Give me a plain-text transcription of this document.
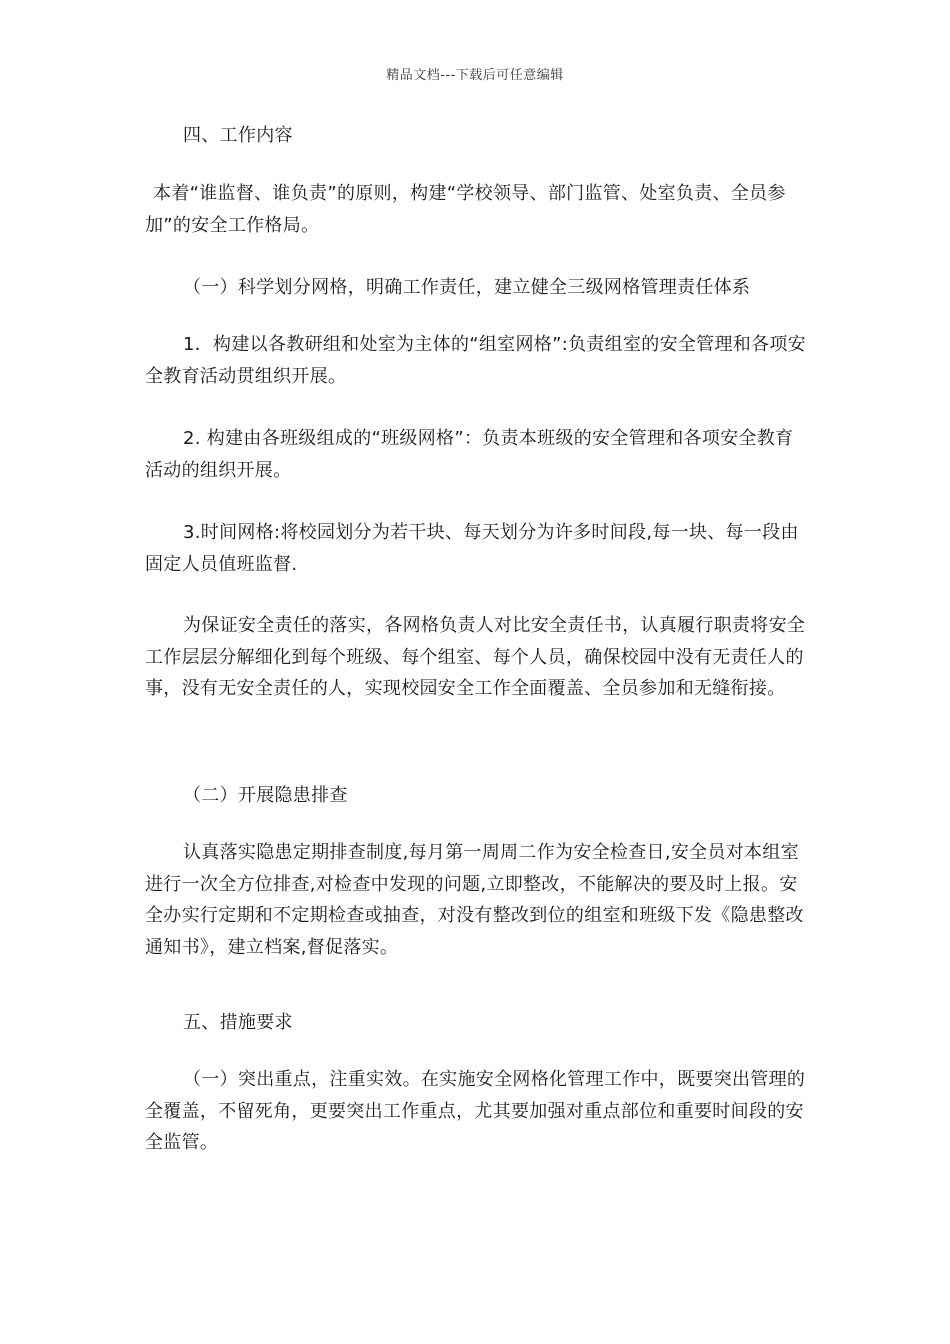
精品文档---下载后可任意编辑

四、工作内容

本着“谁监督、谁负责”的原则，构建“学校领导、部门监管、处室负责、全员参加”的安全工作格局。

（一）科学划分网格，明确工作责任，建立健全三级网格管理责任体系

1．构建以各教研组和处室为主体的“组室网格”:负责组室的安全管理和各项安全教育活动贯组织开展。

2. 构建由各班级组成的“班级网格”：负责本班级的安全管理和各项安全教育活动的组织开展。

3.时间网格:将校园划分为若干块、每天划分为许多时间段,每一块、每一段由固定人员值班监督.

为保证安全责任的落实，各网格负责人对比安全责任书，认真履行职责将安全工作层层分解细化到每个班级、每个组室、每个人员，确保校园中没有无责任人的事，没有无安全责任的人，实现校园安全工作全面覆盖、全员参加和无缝衔接。

（二）开展隐患排查

认真落实隐患定期排查制度,每月第一周周二作为安全检查日,安全员对本组室进行一次全方位排查,对检查中发现的问题,立即整改，不能解决的要及时上报。安全办实行定期和不定期检查或抽查，对没有整改到位的组室和班级下发《隐患整改通知书》，建立档案,督促落实。

五、措施要求

（一）突出重点，注重实效。在实施安全网格化管理工作中，既要突出管理的全覆盖，不留死角，更要突出工作重点，尤其要加强对重点部位和重要时间段的安全监管。
